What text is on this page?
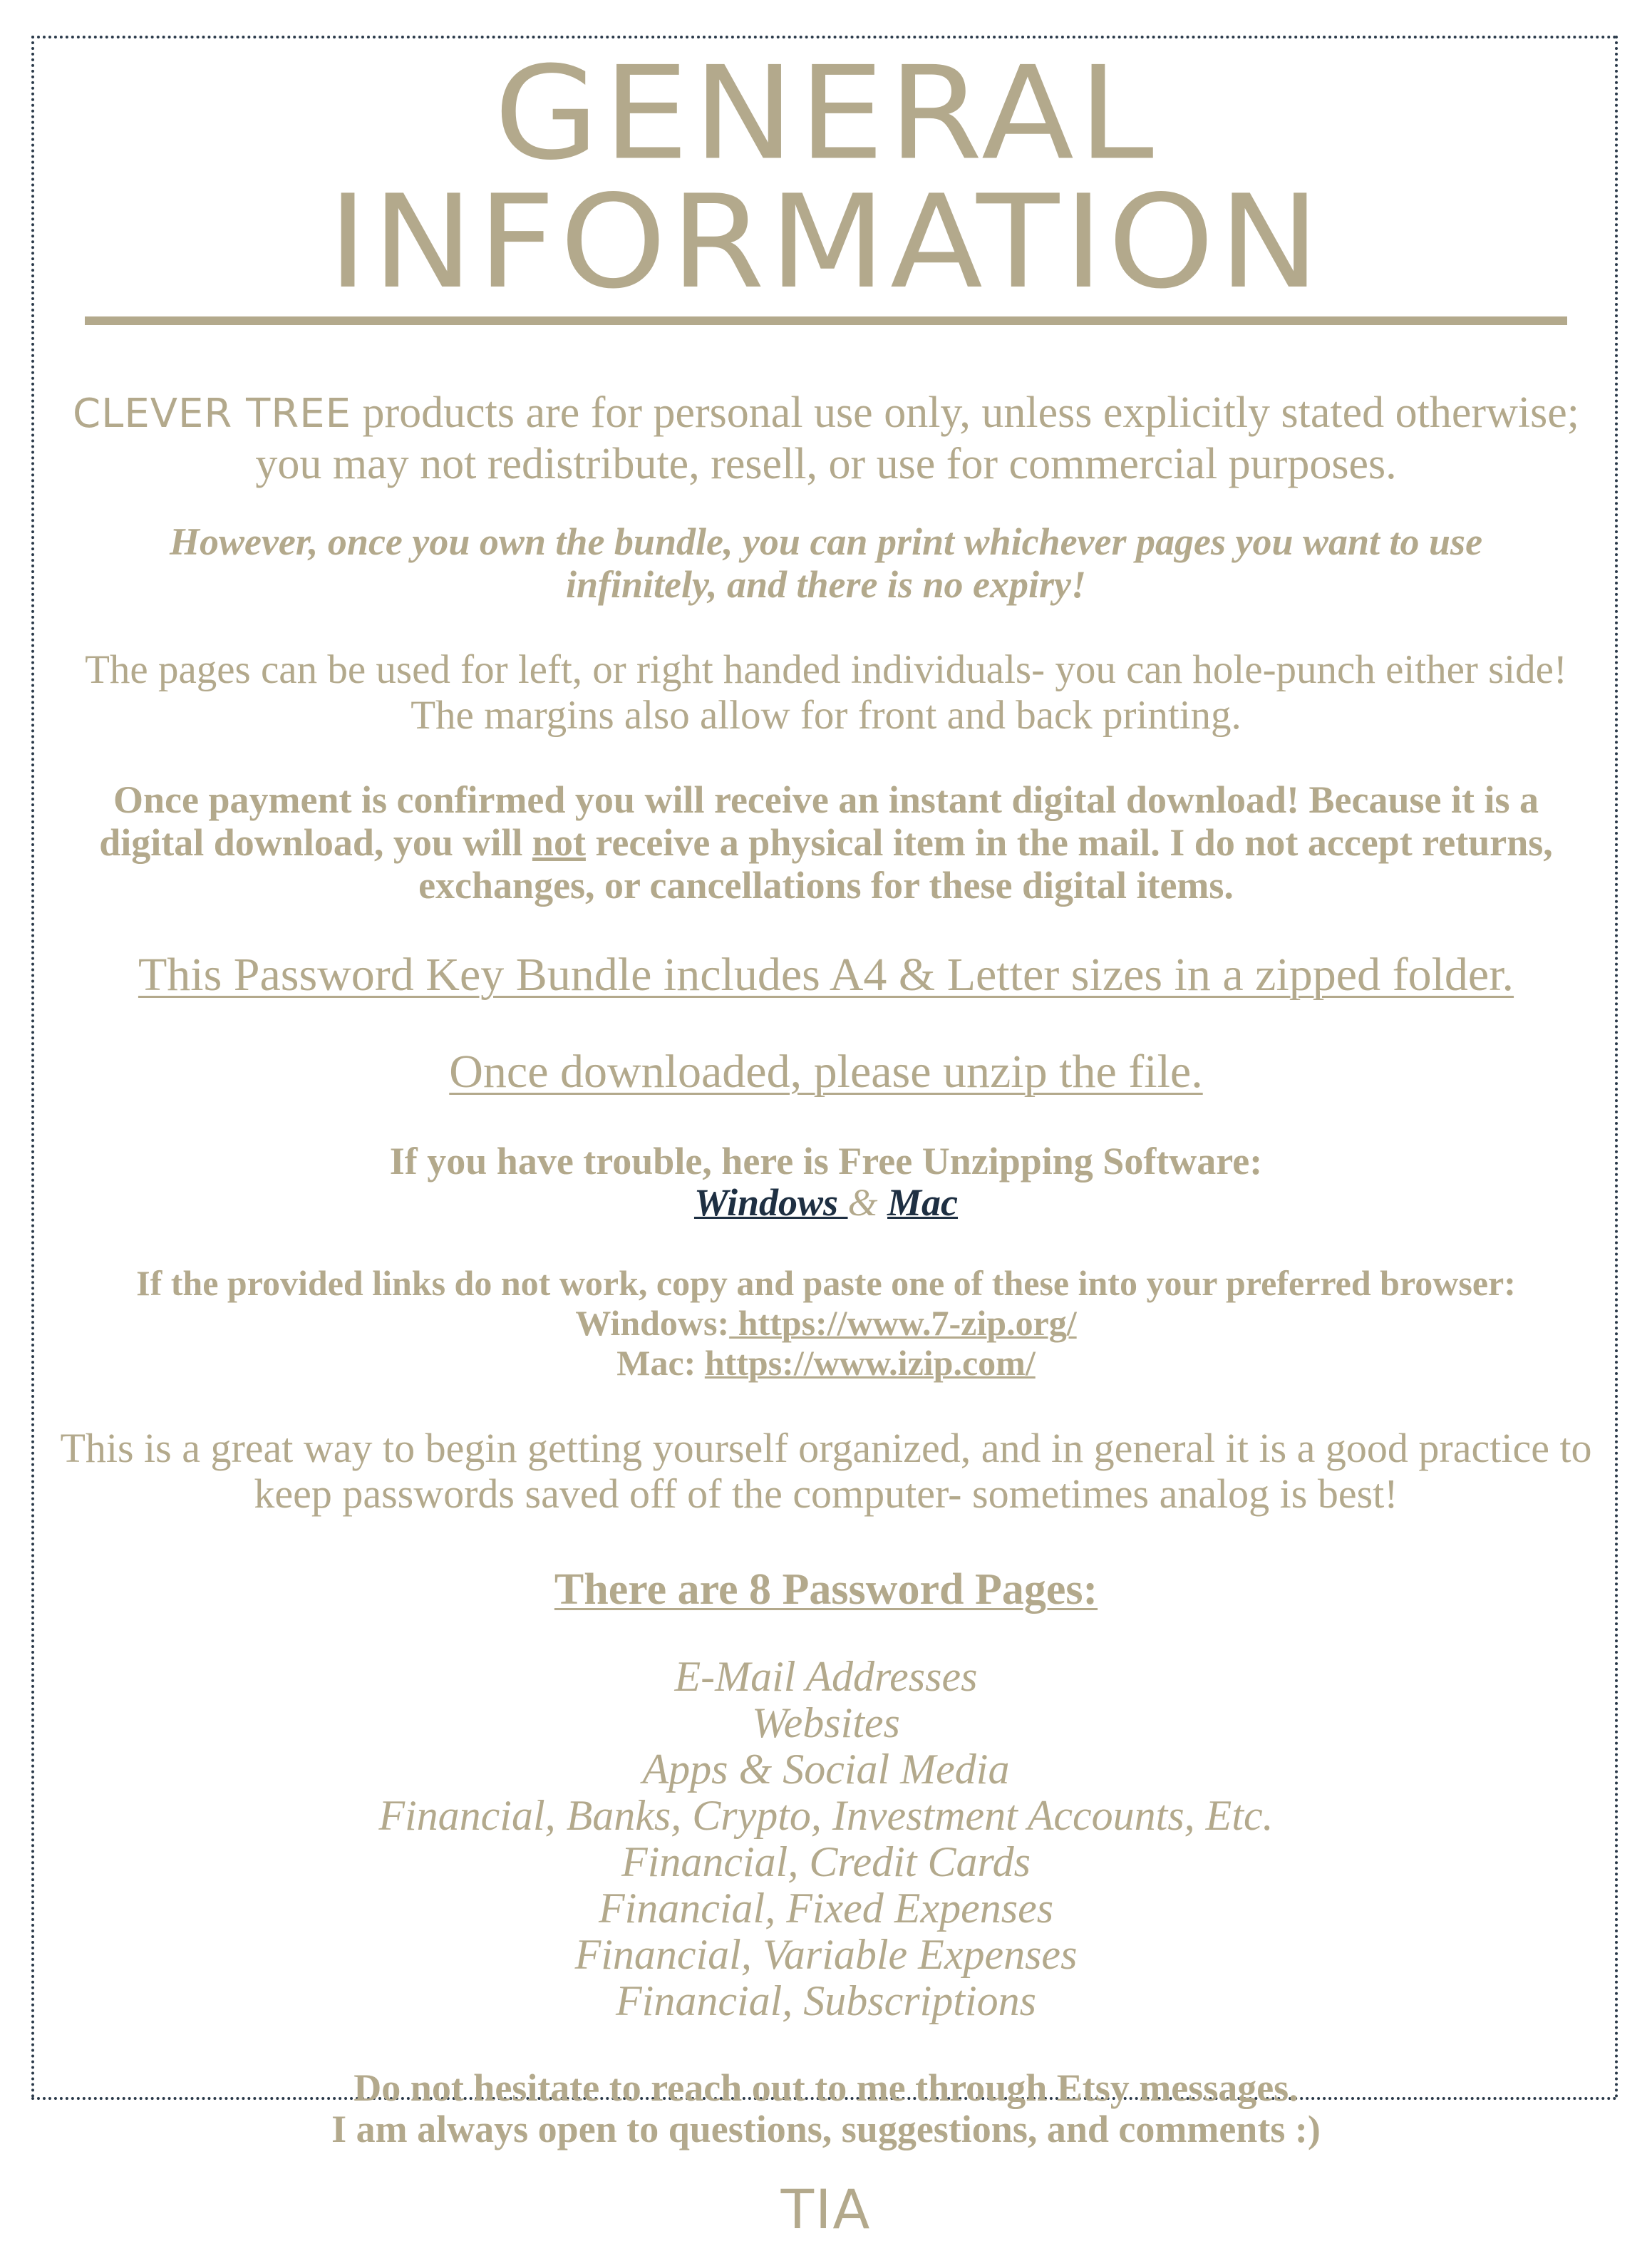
GENERAL INFORMATION
CLEVER TREE products are for personal use only, unless explicitly stated otherwise;
you may not redistribute, resell, or use for commercial purposes.
However, once you own the bundle, you can print whichever pages you want to use
infinitely, and there is no expiry!
The pages can be used for left, or right handed individuals- you can hole-punch either side!
The margins also allow for front and back printing.
Once payment is confirmed you will receive an instant digital download! Because it is a
digital download, you will not receive a physical item in the mail. I do not accept returns,
exchanges, or cancellations for these digital items.
This Password Key Bundle includes A4 & Letter sizes in a zipped folder.
Once downloaded, please unzip the file.
If you have trouble, here is Free Unzipping Software:
Windows & Mac
If the provided links do not work, copy and paste one of these into your preferred browser:
Windows: https://www.7-zip.org/
Mac: https://www.izip.com/
This is a great way to begin getting yourself organized, and in general it is a good practice to
keep passwords saved off of the computer- sometimes analog is best!
There are 8 Password Pages:
E-Mail Addresses
Websites
Apps & Social Media
Financial, Banks, Crypto, Investment Accounts, Etc.
Financial, Credit Cards
Financial, Fixed Expenses
Financial, Variable Expenses
Financial, Subscriptions
Do not hesitate to reach out to me through Etsy messages.
I am always open to questions, suggestions, and comments :)
TIA
